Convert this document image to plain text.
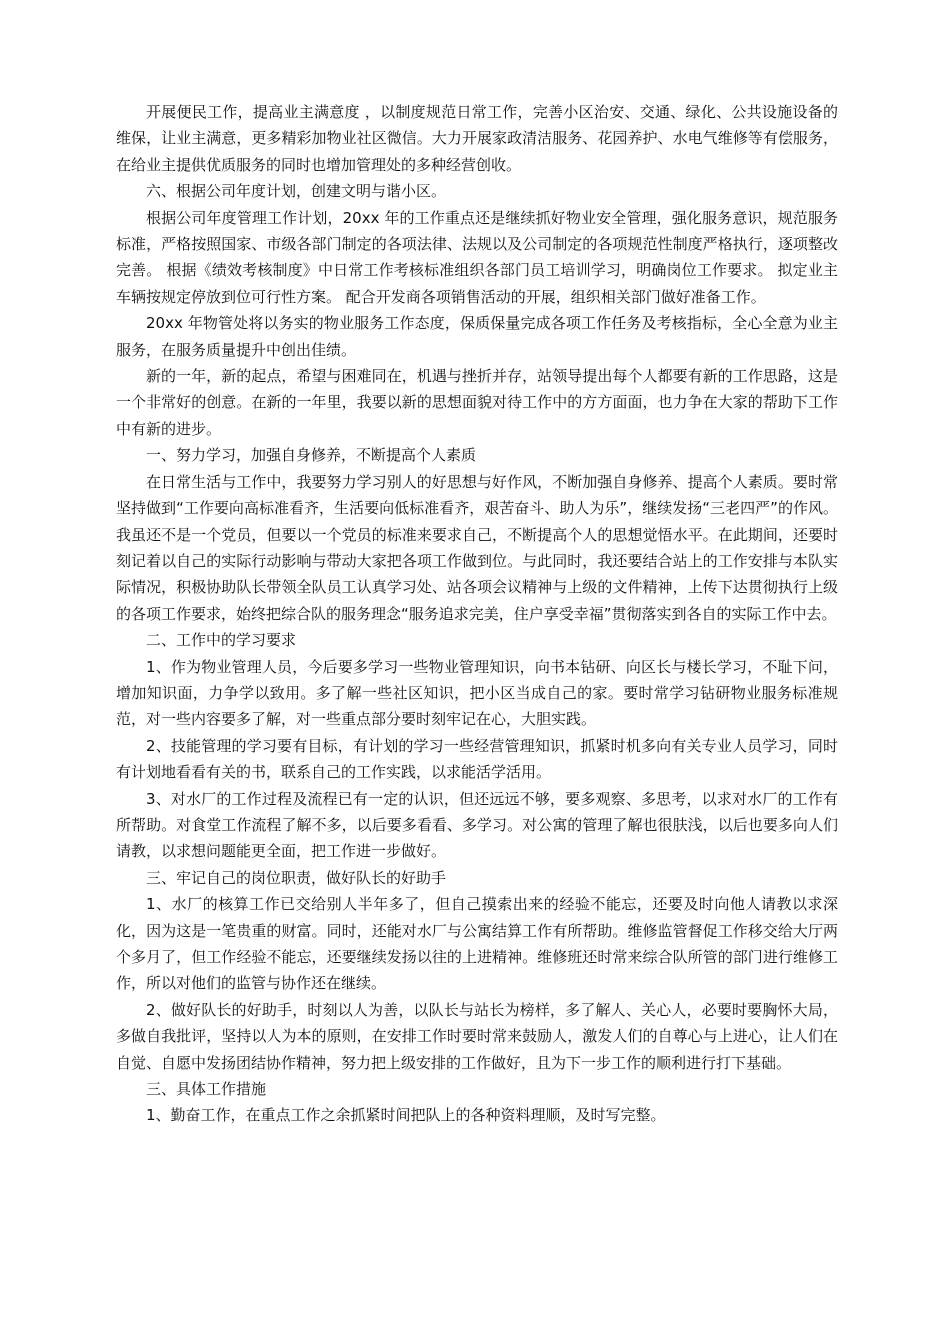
开展便民工作，提高业主满意度 ，以制度规范日常工作，完善小区治安、交通、绿化、公共设施设备的维保，让业主满意，更多精彩加物业社区微信。大力开展家政清洁服务、花园养护、水电气维修等有偿服务，在给业主提供优质服务的同时也增加管理处的多种经营创收。

六、根据公司年度计划，创建文明与谐小区。

根据公司年度管理工作计划，20xx 年的工作重点还是继续抓好物业安全管理，强化服务意识，规范服务标准，严格按照国家、市级各部门制定的各项法律、法规以及公司制定的各项规范性制度严格执行，逐项整改完善。 根据《绩效考核制度》中日常工作考核标准组织各部门员工培训学习，明确岗位工作要求。 拟定业主车辆按规定停放到位可行性方案。 配合开发商各项销售活动的开展，组织相关部门做好准备工作。

20xx 年物管处将以务实的物业服务工作态度，保质保量完成各项工作任务及考核指标，全心全意为业主服务，在服务质量提升中创出佳绩。

新的一年，新的起点，希望与困难同在，机遇与挫折并存，站领导提出每个人都要有新的工作思路，这是一个非常好的创意。在新的一年里，我要以新的思想面貌对待工作中的方方面面，也力争在大家的帮助下工作中有新的进步。

一、努力学习，加强自身修养，不断提高个人素质

在日常生活与工作中，我要努力学习别人的好思想与好作风，不断加强自身修养、提高个人素质。要时常坚持做到“工作要向高标准看齐，生活要向低标准看齐，艰苦奋斗、助人为乐”，继续发扬“三老四严”的作风。我虽还不是一个党员，但要以一个党员的标准来要求自己，不断提高个人的思想觉悟水平。在此期间，还要时刻记着以自己的实际行动影响与带动大家把各项工作做到位。与此同时，我还要结合站上的工作安排与本队实际情况，积极协助队长带领全队员工认真学习处、站各项会议精神与上级的文件精神，上传下达贯彻执行上级的各项工作要求，始终把综合队的服务理念“服务追求完美，住户享受幸福”贯彻落实到各自的实际工作中去。

二、工作中的学习要求

1、作为物业管理人员，今后要多学习一些物业管理知识，向书本钻研、向区长与楼长学习，不耻下问，增加知识面，力争学以致用。多了解一些社区知识，把小区当成自己的家。要时常学习钻研物业服务标准规范，对一些内容要多了解，对一些重点部分要时刻牢记在心，大胆实践。

2、技能管理的学习要有目标，有计划的学习一些经营管理知识，抓紧时机多向有关专业人员学习，同时有计划地看看有关的书，联系自己的工作实践，以求能活学活用。

3、对水厂的工作过程及流程已有一定的认识，但还远远不够，要多观察、多思考，以求对水厂的工作有所帮助。对食堂工作流程了解不多，以后要多看看、多学习。对公寓的管理了解也很肤浅，以后也要多向人们请教，以求想问题能更全面，把工作进一步做好。

三、牢记自己的岗位职责，做好队长的好助手

1、水厂的核算工作已交给别人半年多了，但自己摸索出来的经验不能忘，还要及时向他人请教以求深化，因为这是一笔贵重的财富。同时，还能对水厂与公寓结算工作有所帮助。维修监管督促工作移交给大厅两个多月了，但工作经验不能忘，还要继续发扬以往的上进精神。维修班还时常来综合队所管的部门进行维修工作，所以对他们的监管与协作还在继续。

2、做好队长的好助手，时刻以人为善，以队长与站长为榜样，多了解人、关心人，必要时要胸怀大局，多做自我批评，坚持以人为本的原则，在安排工作时要时常来鼓励人，激发人们的自尊心与上进心，让人们在自觉、自愿中发扬团结协作精神，努力把上级安排的工作做好，且为下一步工作的顺利进行打下基础。

三、具体工作措施

1、勤奋工作，在重点工作之余抓紧时间把队上的各种资料理顺，及时写完整。
